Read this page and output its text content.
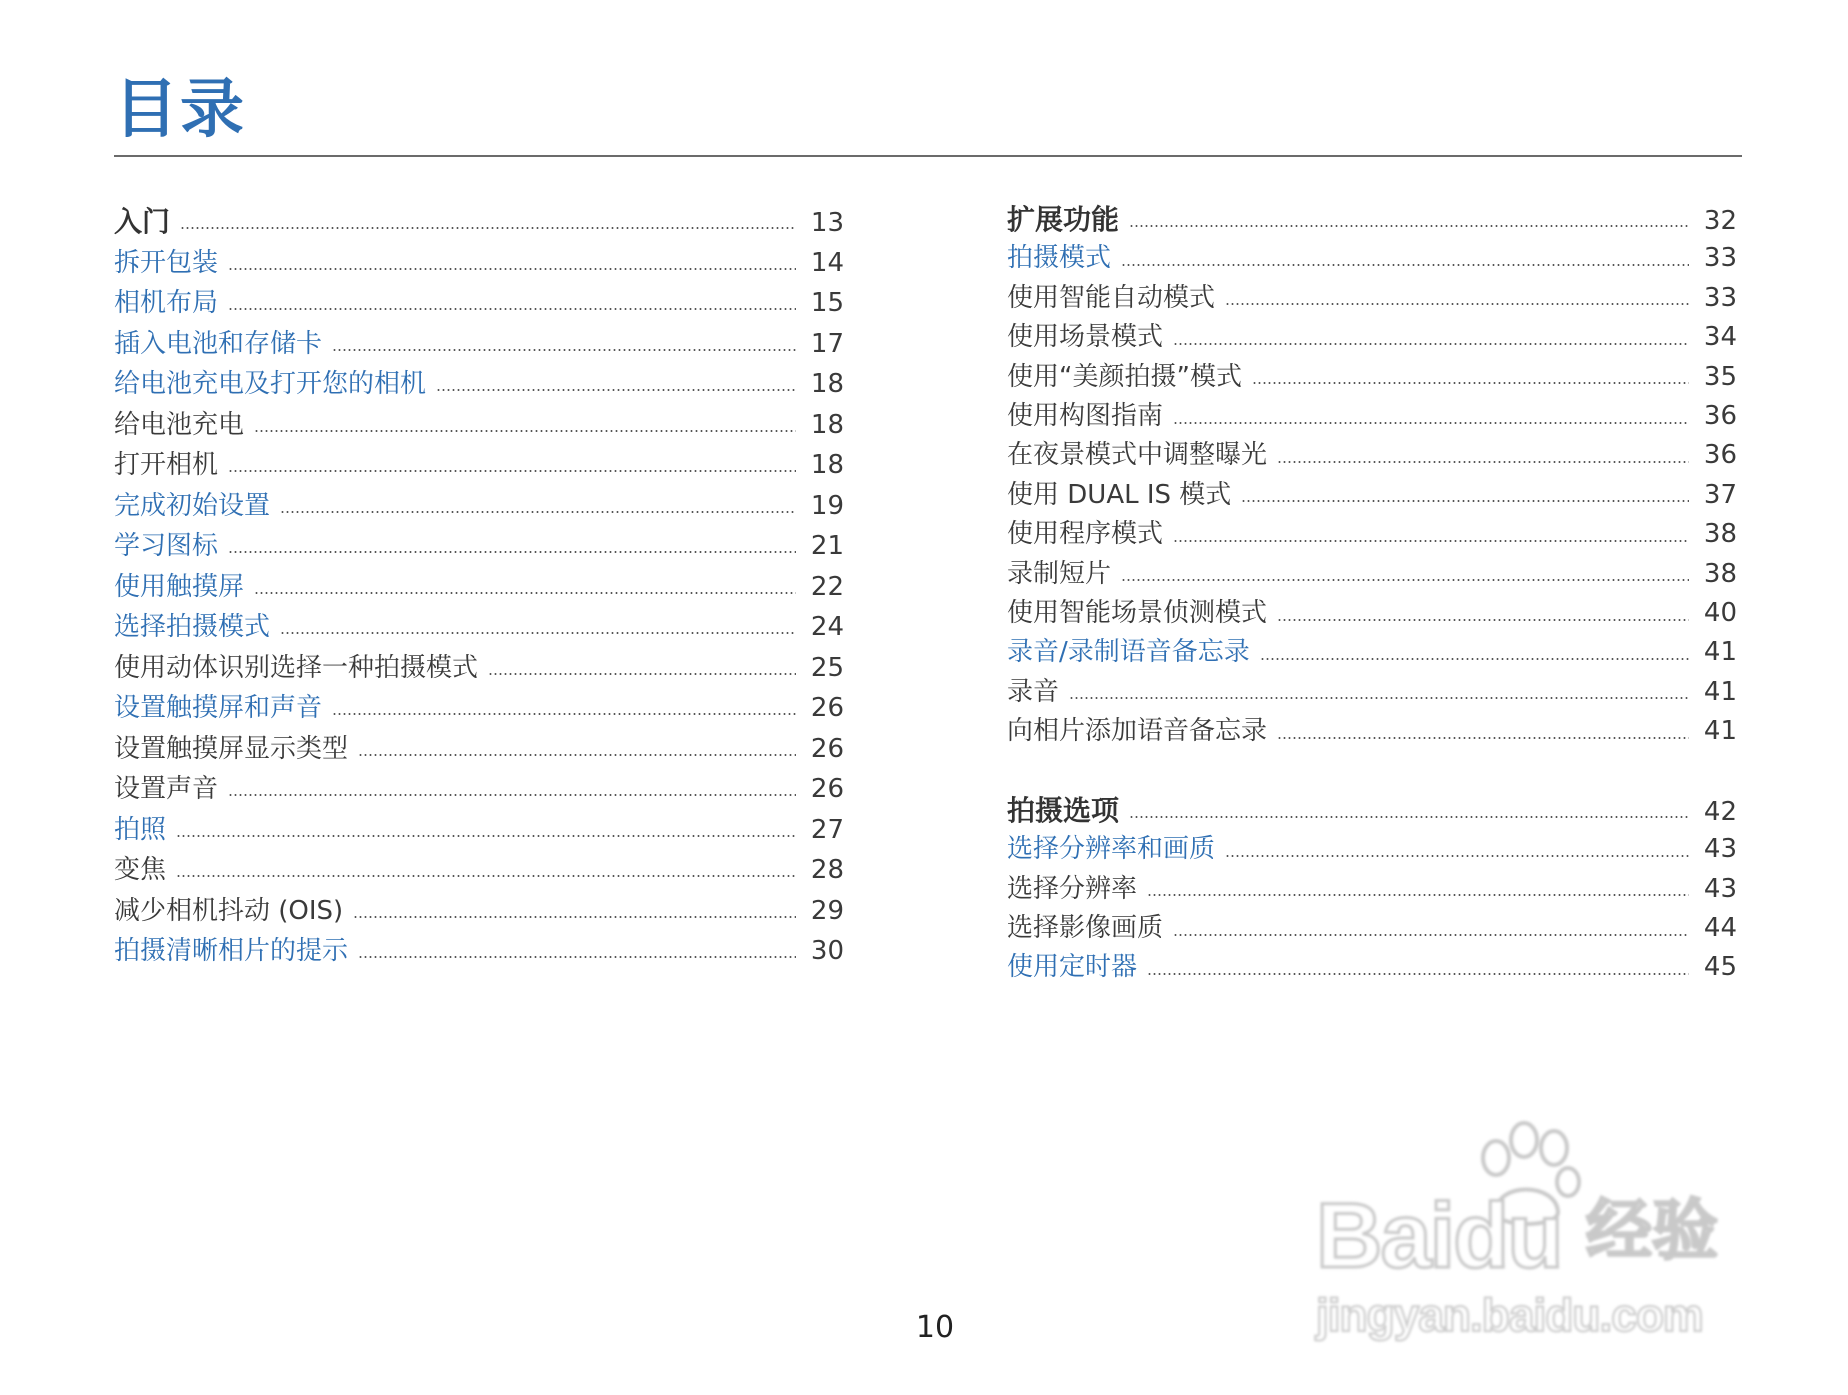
目录
入门	13
拆开包装	14
相机布局	15
插入电池和存储卡	17
给电池充电及打开您的相机	18
给电池充电	18
打开相机	18
完成初始设置	19
学习图标	21
使用触摸屏	22
选择拍摄模式	24
使用动体识别选择一种拍摄模式	25
设置触摸屏和声音	26
设置触摸屏显示类型	26
设置声音	26
拍照	27
变焦	28
减少相机抖动 (OIS)	29
拍摄清晰相片的提示	30
扩展功能	32
拍摄模式	33
使用智能自动模式	33
使用场景模式	34
使用“美颜拍摄”模式	35
使用构图指南	36
在夜景模式中调整曝光	36
使用 DUAL IS 模式	37
使用程序模式	38
录制短片	38
使用智能场景侦测模式	40
录音/录制语音备忘录	41
录音	41
向相片添加语音备忘录	41
拍摄选项	42
选择分辨率和画质	43
选择分辨率	43
选择影像画质	44
使用定时器	45
10
Baidu 经验
jingyan.baidu.com
